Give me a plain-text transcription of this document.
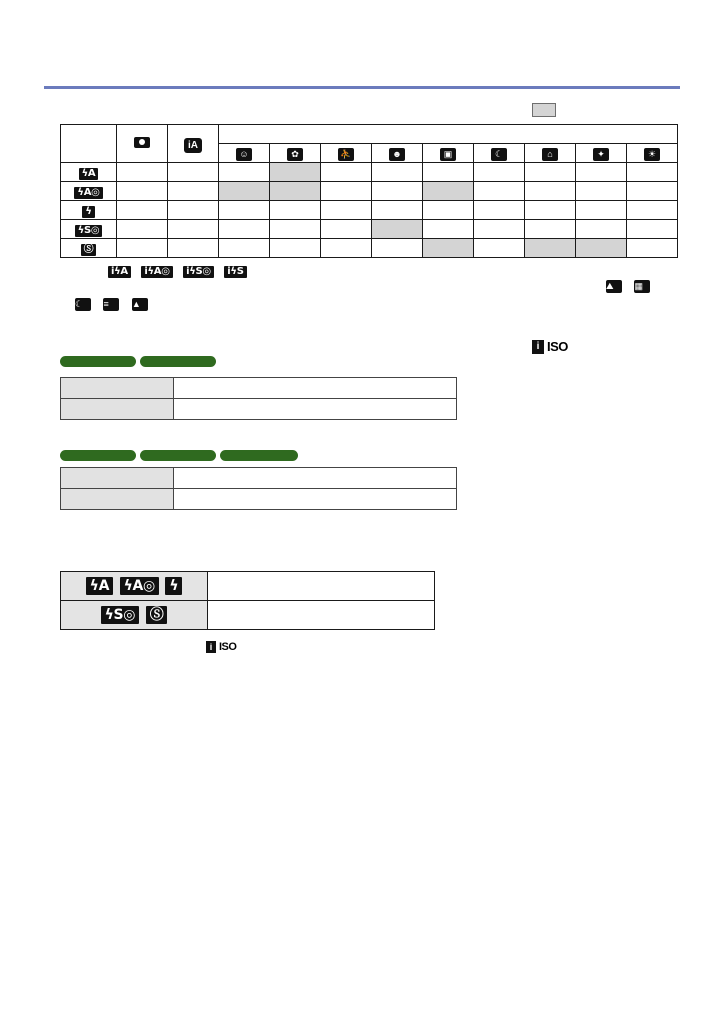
		iA									
			☺	✿	⛹	☻	▣	☾	⌂	✦	☀
ϟA											
ϟA◎											
ϟ											
ϟS◎											
Ⓢ											
iϟA iϟA◎ iϟS◎ iϟS
⛰ ▦
☾ ≡	▲
i ISO

ϟA ϟA◎ ϟ	
ϟS◎ Ⓢ	
i ISO
